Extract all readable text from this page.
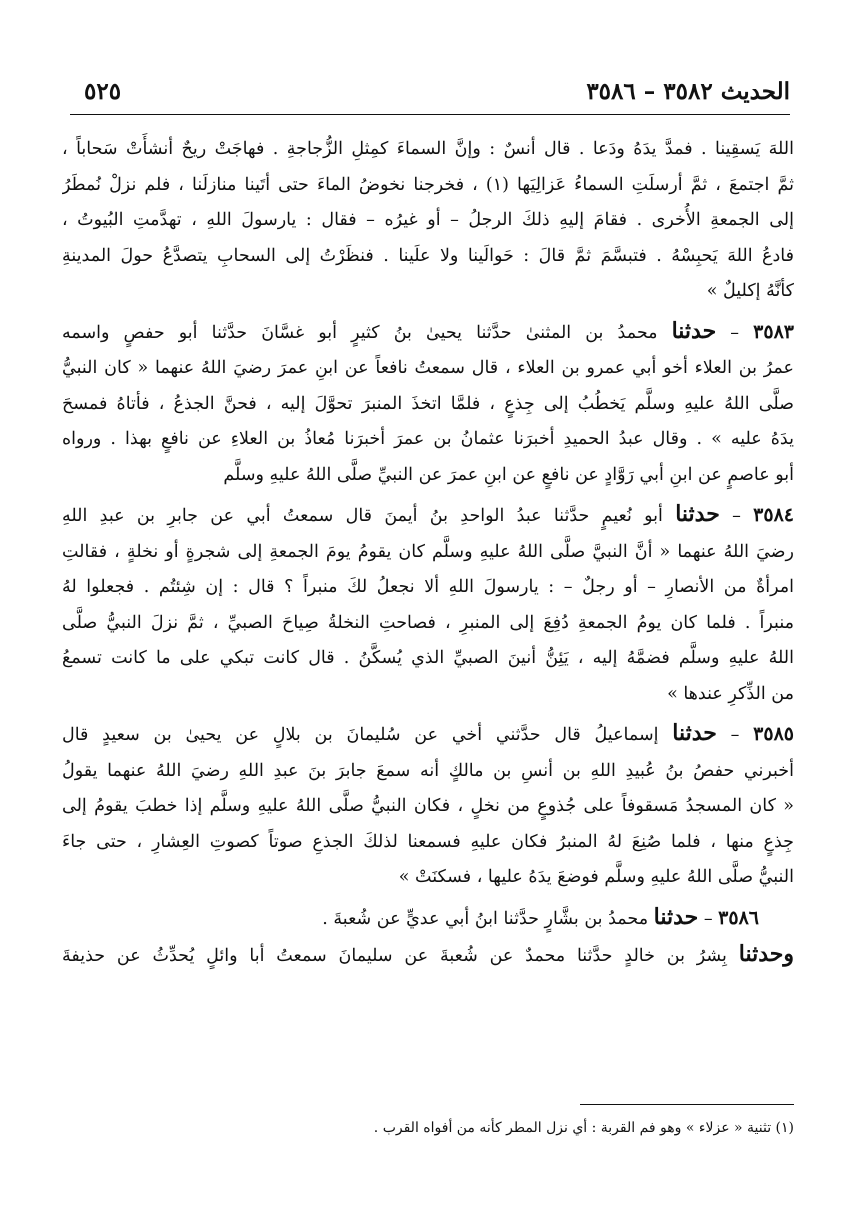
الحديث ٣٥٨٢ – ٣٥٨٦
٥٢٥

اللهَ يَسقِينا . فمدَّ يدَهُ ودَعا . قال أنسٌ : وإنَّ السماءَ كمِثلِ الزُّجاجةِ . فهاجَتْ ريحٌ أنشأَتْ سَحاباً ،
ثمَّ اجتمعَ ، ثمَّ أرسلَتِ السماءُ عَزالِيَها (١) ، فخرجنا نخوضُ الماءَ حتى أتَينا منازلَنا ، فلم نزلْ نُمطَرُ
إلى الجمعةِ الأُخرى . فقامَ إليهِ ذلكَ الرجلُ – أو غيرُه – فقال : يارسولَ اللهِ ، تهدَّمتِ البُيوتُ ،
فادعُ اللهَ يَحبِسْهُ . فتبسَّمَ ثمَّ قالَ : حَوالَينا ولا علَينا . فنظَرْتُ إلى السحابِ يتصدَّعُ حولَ المدينةِ
كأنَّهُ إكليلٌ »

٣٥٨٣ – حدثنا محمدُ بن المثنىٰ حدَّثنا يحيىٰ بنُ كثيرٍ أبو غسَّانَ حدَّثنا أبو حفصٍ واسمه
عمرُ بن العلاء أخو أبي عمرو بن العلاء ، قال سمعتُ نافعاً عن ابنِ عمرَ رضيَ اللهُ عنهما « كان النبيُّ
صلَّى اللهُ عليهِ وسلَّم يَخطُبُ إلى جِذعٍ ، فلمَّا اتخذَ المنبرَ تحوَّلَ إليه ، فحنَّ الجذعُ ، فأتاهُ فمسحَ
يدَهُ عليه » . وقال عبدُ الحميدِ أخبرَنا عثمانُ بن عمرَ أخبرَنا مُعاذُ بن العلاءِ عن نافعٍ بهذا . ورواه
أبو عاصمٍ عن ابنِ أبي رَوَّادٍ عن نافعٍ عن ابنِ عمرَ عن النبيِّ صلَّى اللهُ عليهِ وسلَّم

٣٥٨٤ – حدثنا أبو نُعيمٍ حدَّثنا عبدُ الواحدِ بنُ أيمنَ قال سمعتُ أبي عن جابرِ بن عبدِ اللهِ
رضيَ اللهُ عنهما « أنَّ النبيَّ صلَّى اللهُ عليهِ وسلَّم كان يقومُ يومَ الجمعةِ إلى شجرةٍ أو نخلةٍ ، فقالتِ
امرأةٌ من الأنصارِ – أو رجلٌ – : يارسولَ اللهِ ألا نجعلُ لكَ منبراً ؟ قال : إن شِئتُم . فجعلوا لهُ
منبراً . فلما كان يومُ الجمعةِ دُفِعَ إلى المنبرِ ، فصاحتِ النخلةُ صِياحَ الصبيِّ ، ثمَّ نزلَ النبيُّ صلَّى
اللهُ عليهِ وسلَّم فضمَّهُ إليه ، يَئِنُّ أنينَ الصبيِّ الذي يُسكَّنُ . قال كانت تبكي على ما كانت تسمعُ
من الذِّكرِ عندها »

٣٥٨٥ – حدثنا إسماعيلُ قال حدَّثني أخي عن سُليمانَ بن بلالٍ عن يحيىٰ بن سعيدٍ قال
أخبرني حفصُ بنُ عُبيدِ اللهِ بن أنسِ بن مالكٍ أنه سمعَ جابرَ بنَ عبدِ اللهِ رضيَ اللهُ عنهما يقولُ
« كان المسجدُ مَسقوفاً على جُذوعٍ من نخلٍ ، فكان النبيُّ صلَّى اللهُ عليهِ وسلَّم إذا خطبَ يقومُ إلى
جِذعٍ منها ، فلما صُنِعَ لهُ المنبرُ فكان عليهِ فسمعنا لذلكَ الجذعِ صوتاً كصوتِ العِشارِ ، حتى جاءَ
النبيُّ صلَّى اللهُ عليهِ وسلَّم فوضعَ يدَهُ عليها ، فسكنَتْ »

  ٣٥٨٦ – حدثنا محمدُ بن بشَّارٍ حدَّثنا ابنُ أبي عديٍّ عن شُعبةَ .
وحدثنا بِشرُ بن خالدٍ حدَّثنا محمدٌ عن شُعبةَ عن سليمانَ سمعتُ أبا وائلٍ يُحدِّثُ عن حذيفةَ

(١) تثنية « عزلاء » وهو فم القربة : أي نزل المطر كأنه من أفواه القرب .
